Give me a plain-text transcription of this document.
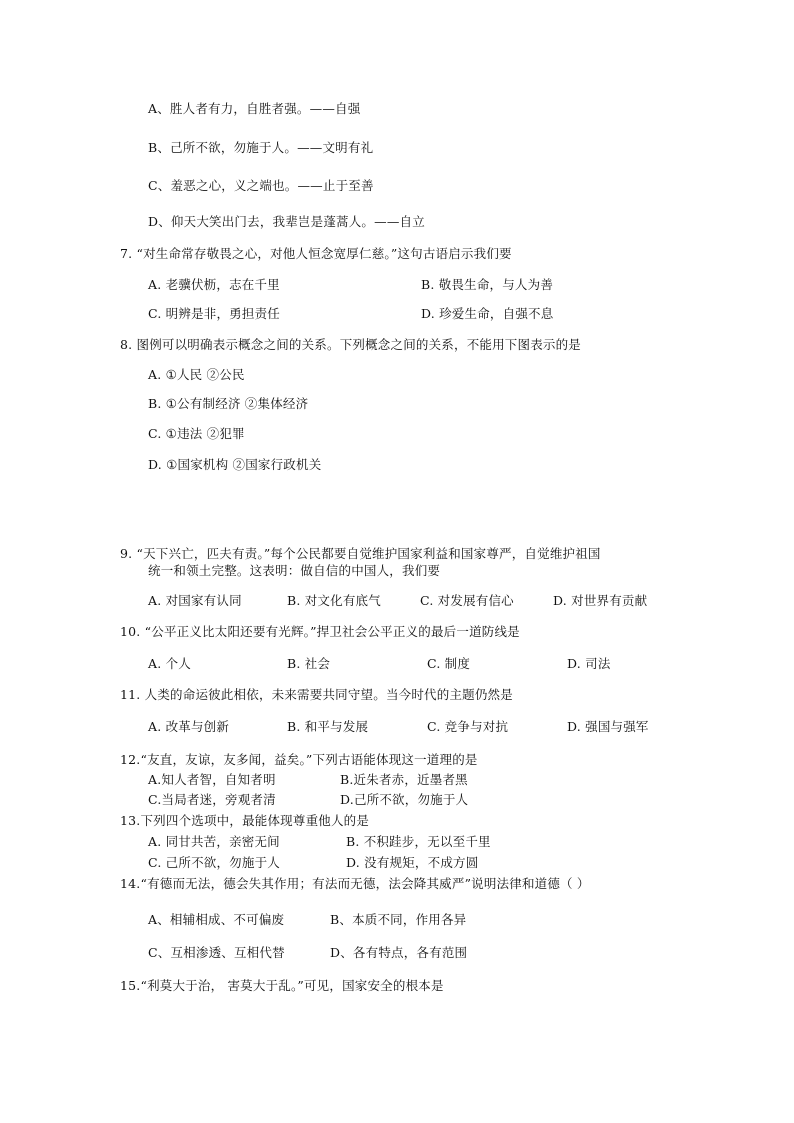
A、胜人者有力，自胜者强。——自强
B、己所不欲，勿施于人。——文明有礼
C、羞恶之心，义之端也。——止于至善
D、仰天大笑出门去，我辈岂是蓬蒿人。——自立
7. “对生命常存敬畏之心，对他人恒念宽厚仁慈。”这句古语启示我们要
A. 老骥伏枥，志在千里	B. 敬畏生命，与人为善
C. 明辨是非，勇担责任	D. 珍爱生命，自强不息
8. 图例可以明确表示概念之间的关系。下列概念之间的关系，不能用下图表示的是
A. ①人民 ②公民
B. ①公有制经济 ②集体经济
C. ①违法 ②犯罪
D. ①国家机构 ②国家行政机关
9. “天下兴亡，匹夫有责。”每个公民都要自觉维护国家利益和国家尊严，自觉维护祖国
统一和领土完整。这表明：做自信的中国人，我们要
A. 对国家有认同	B. 对文化有底气	C. 对发展有信心	D. 对世界有贡献
10. “公平正义比太阳还要有光辉。”捍卫社会公平正义的最后一道防线是
A. 个人	B. 社会	C. 制度	D. 司法
11. 人类的命运彼此相依，未来需要共同守望。当今时代的主题仍然是
A. 改革与创新	B. 和平与发展	C. 竞争与对抗	D. 强国与强军
12.“友直，友谅，友多闻，益矣。”下列古语能体现这一道理的是
A.知人者智，自知者明	B.近朱者赤，近墨者黑
C.当局者迷，旁观者清	D.己所不欲，勿施于人
13.下列四个选项中，最能体现尊重他人的是
A. 同甘共苦，亲密无间	B. 不积跬步，无以至千里
C. 己所不欲，勿施于人	D. 没有规矩，不成方圆
14.“有德而无法，德会失其作用；有法而无德，法会降其威严”说明法律和道德（ ）
A、相辅相成、不可偏废	B、本质不同，作用各异
C、互相渗透、互相代替	D、各有特点，各有范围
15.“利莫大于治， 害莫大于乱。”可见，国家安全的根本是
